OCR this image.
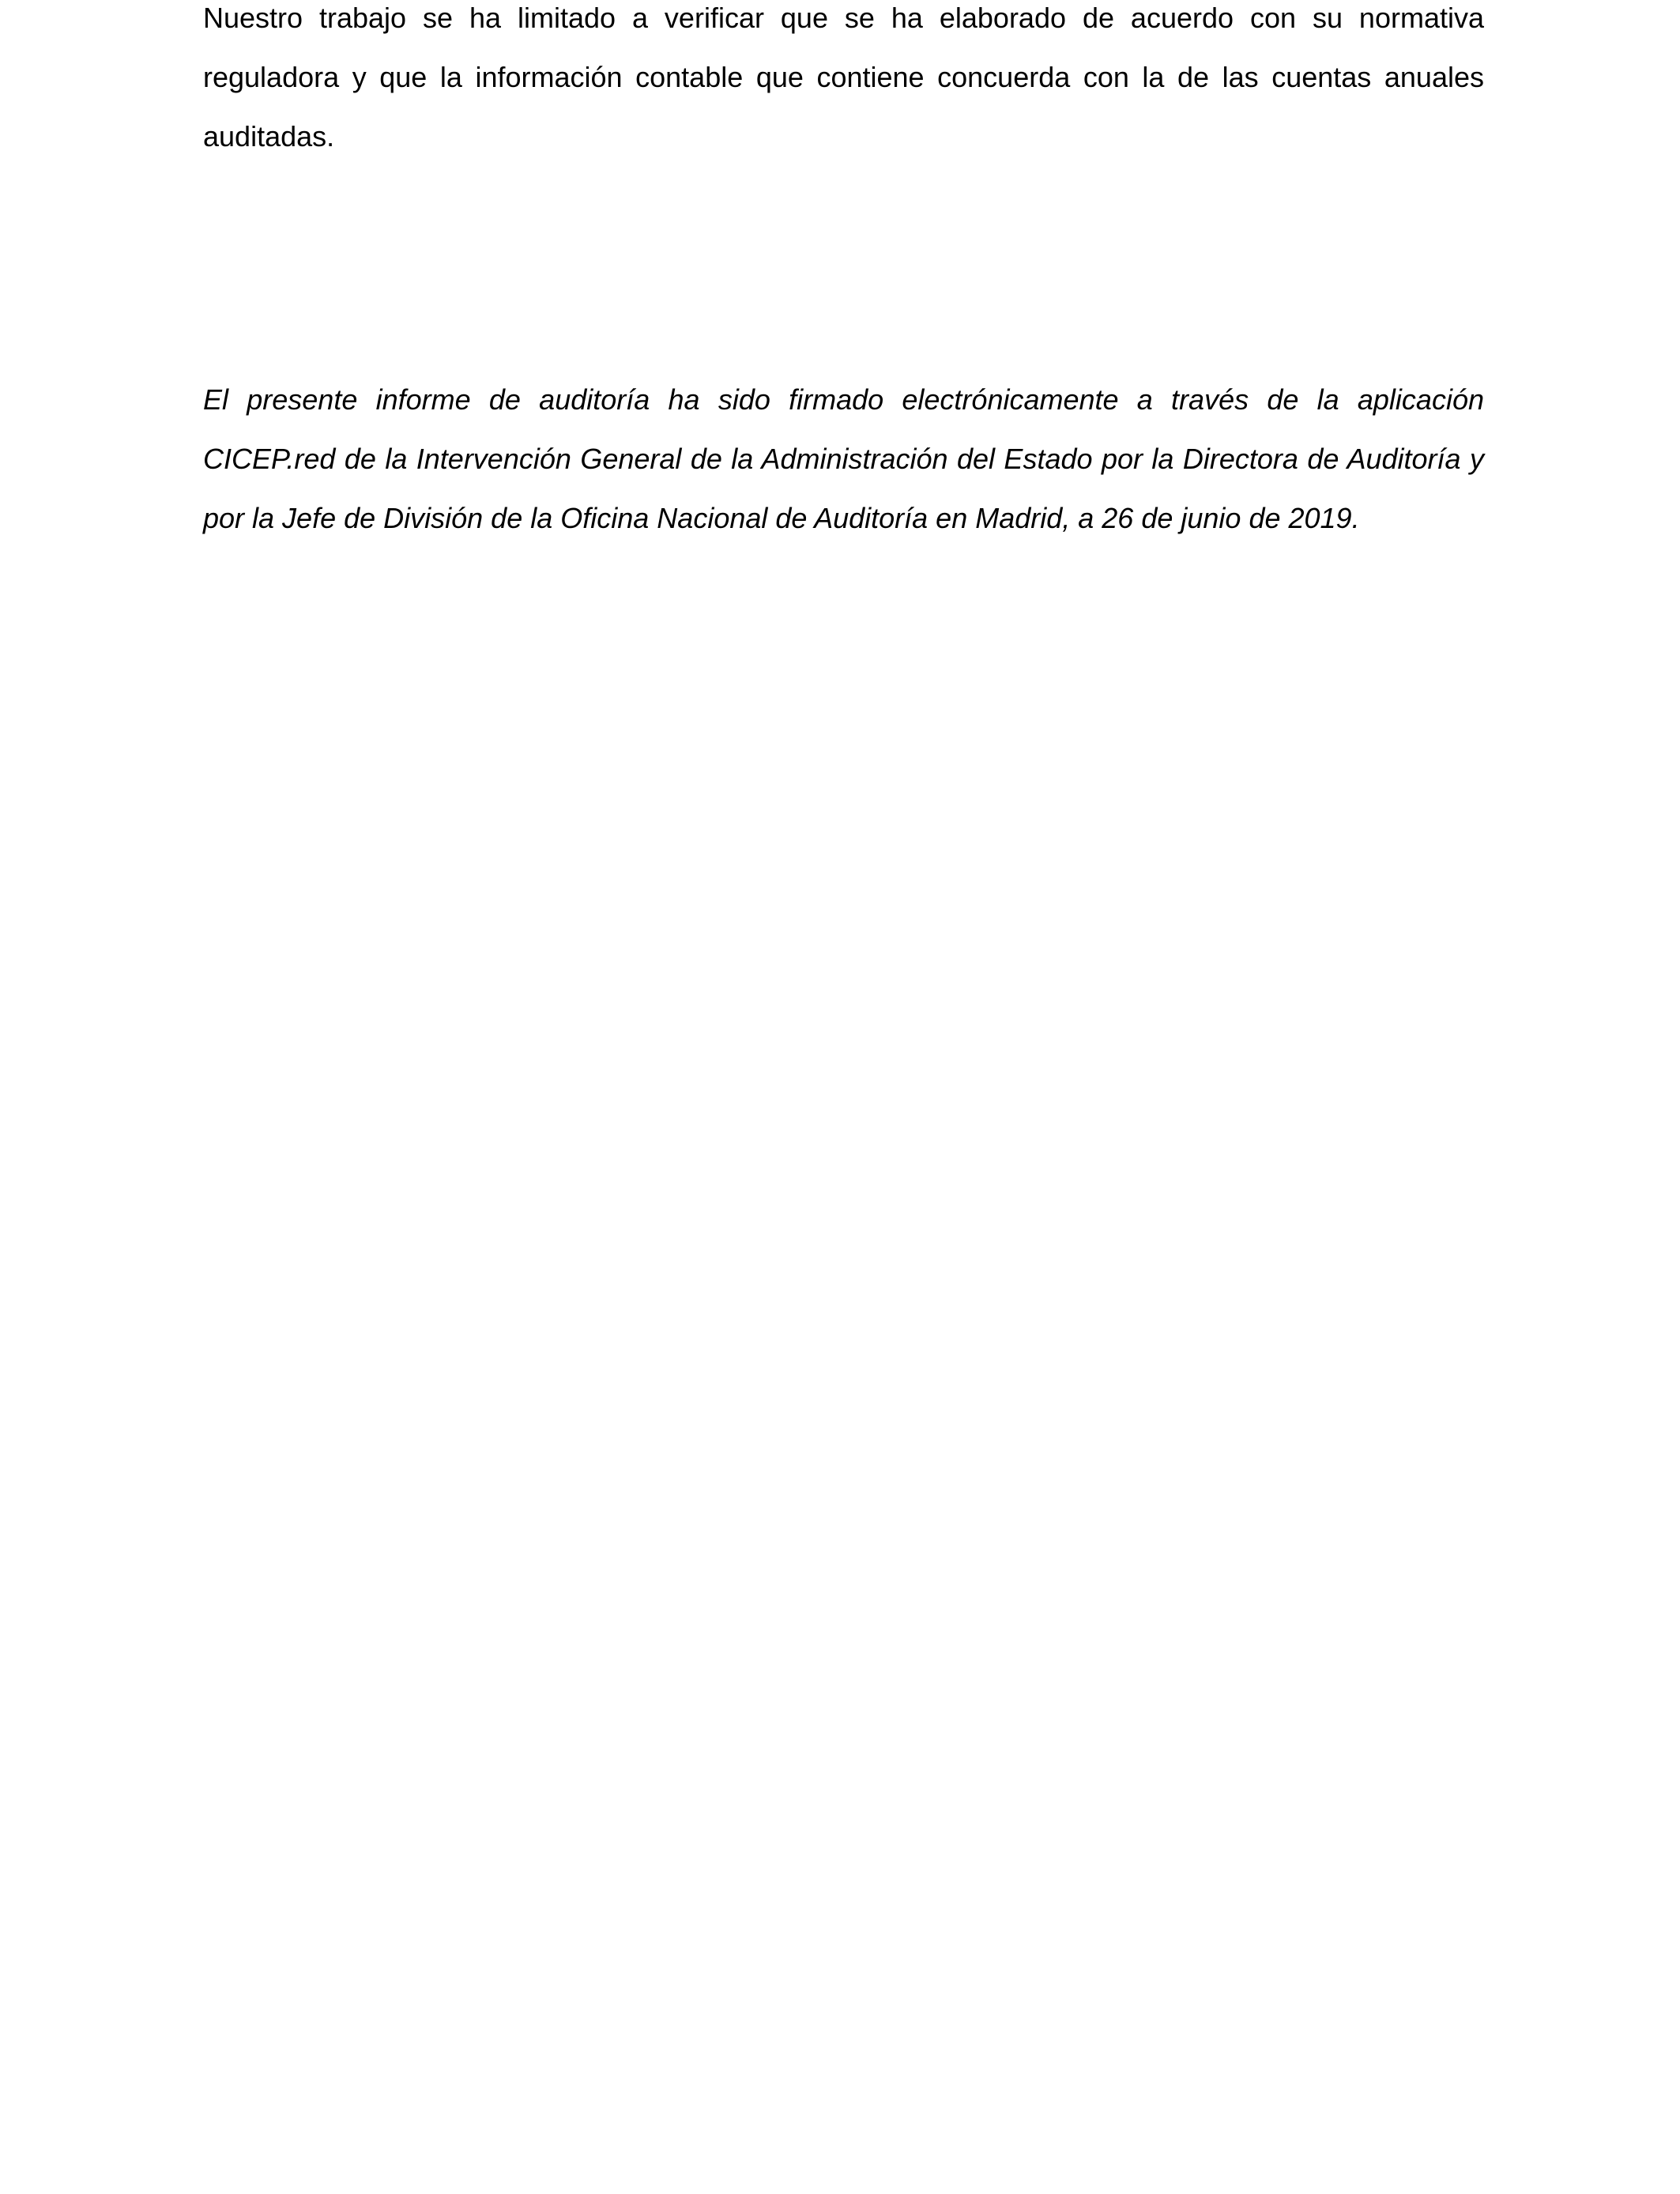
Nuestro trabajo se ha limitado a verificar que se ha elaborado de acuerdo con su normativa reguladora y que la información contable que contiene concuerda con la de las cuentas anuales auditadas.

El presente informe de auditoría ha sido firmado electrónicamente a través de la aplicación CICEP.red de la Intervención General de la Administración del Estado por la Directora de Auditoría y por la Jefe de División de la Oficina Nacional de Auditoría en Madrid, a 26 de junio de 2019.
